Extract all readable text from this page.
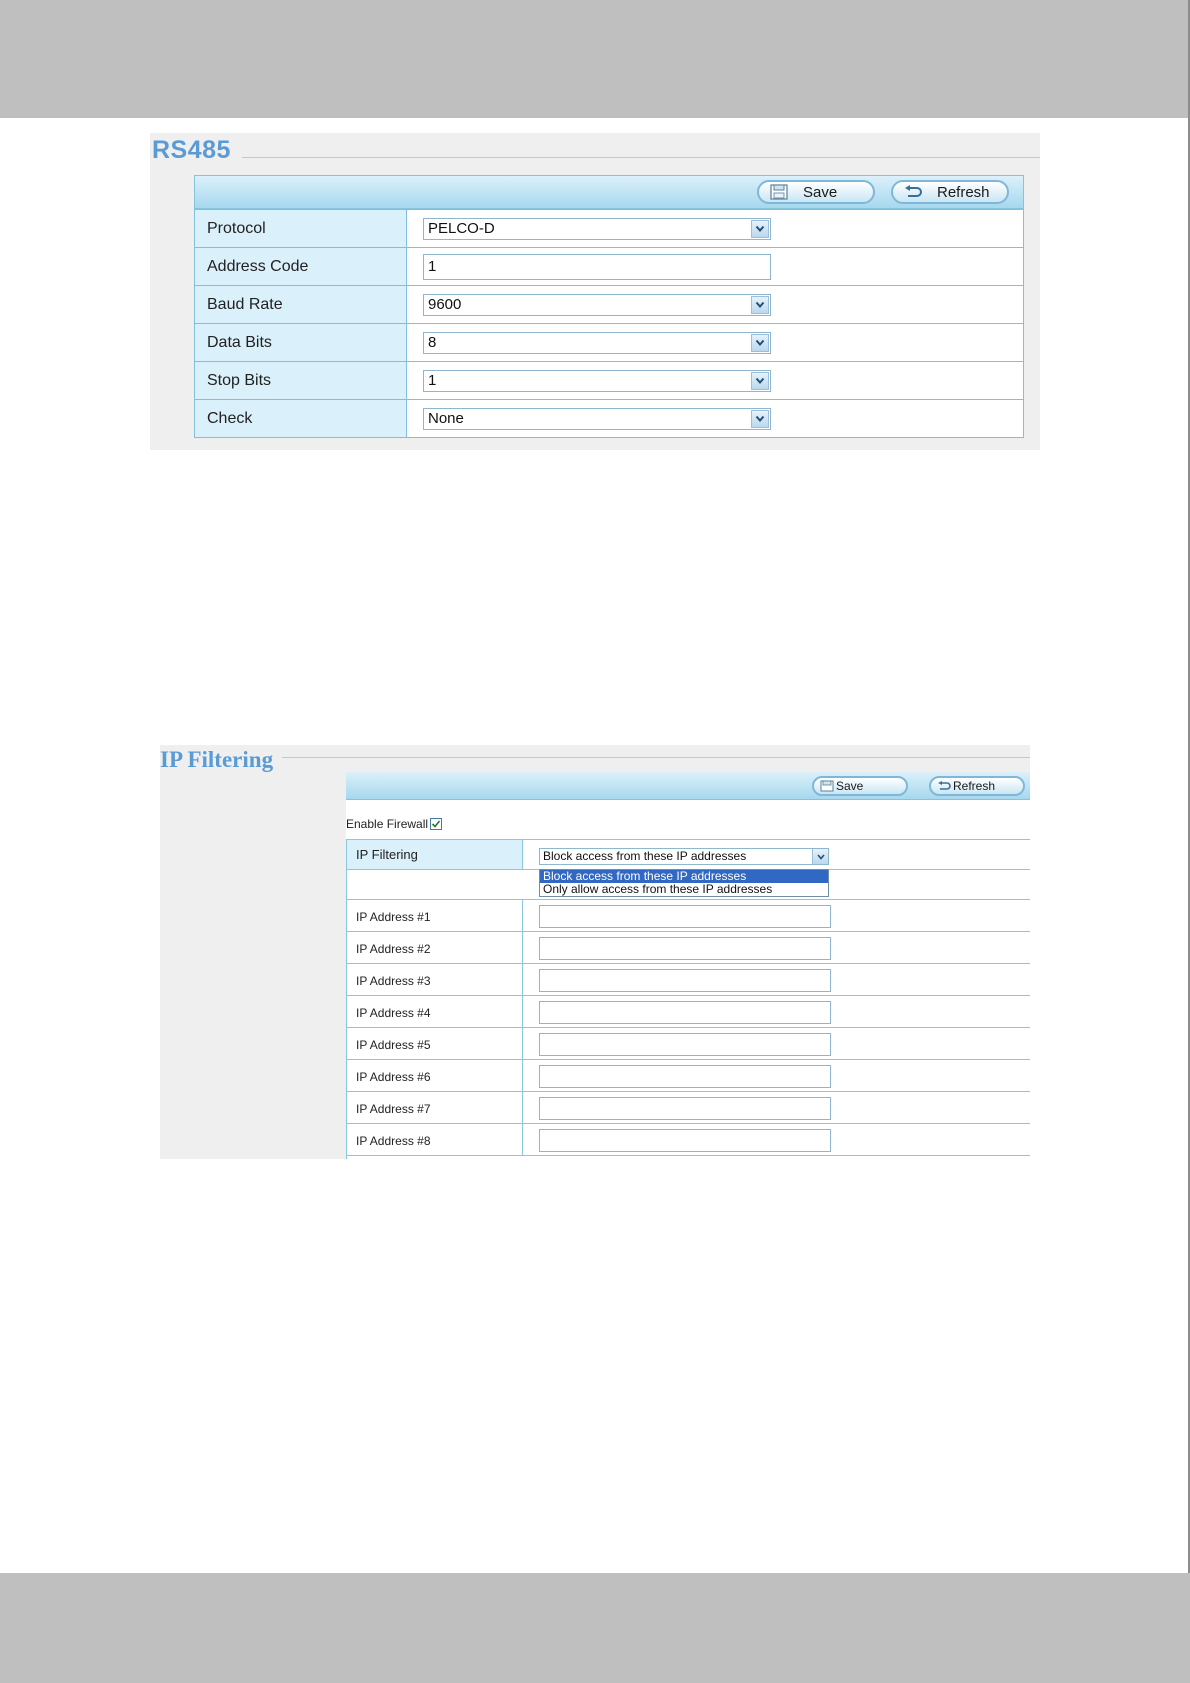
RS485
Save	Refresh
Protocol	PELCO-D

Address Code	1

Baud Rate	9600

Data Bits	8

Stop Bits	1

Check	None
IP Filtering
Save	Refresh
Enable Firewall
IP Filtering	Block access from these IP addresses
Block access from these IP addresses
Only allow access from these IP addresses
IP Address #1
IP Address #2
IP Address #3
IP Address #4
IP Address #5
IP Address #6
IP Address #7
IP Address #8
